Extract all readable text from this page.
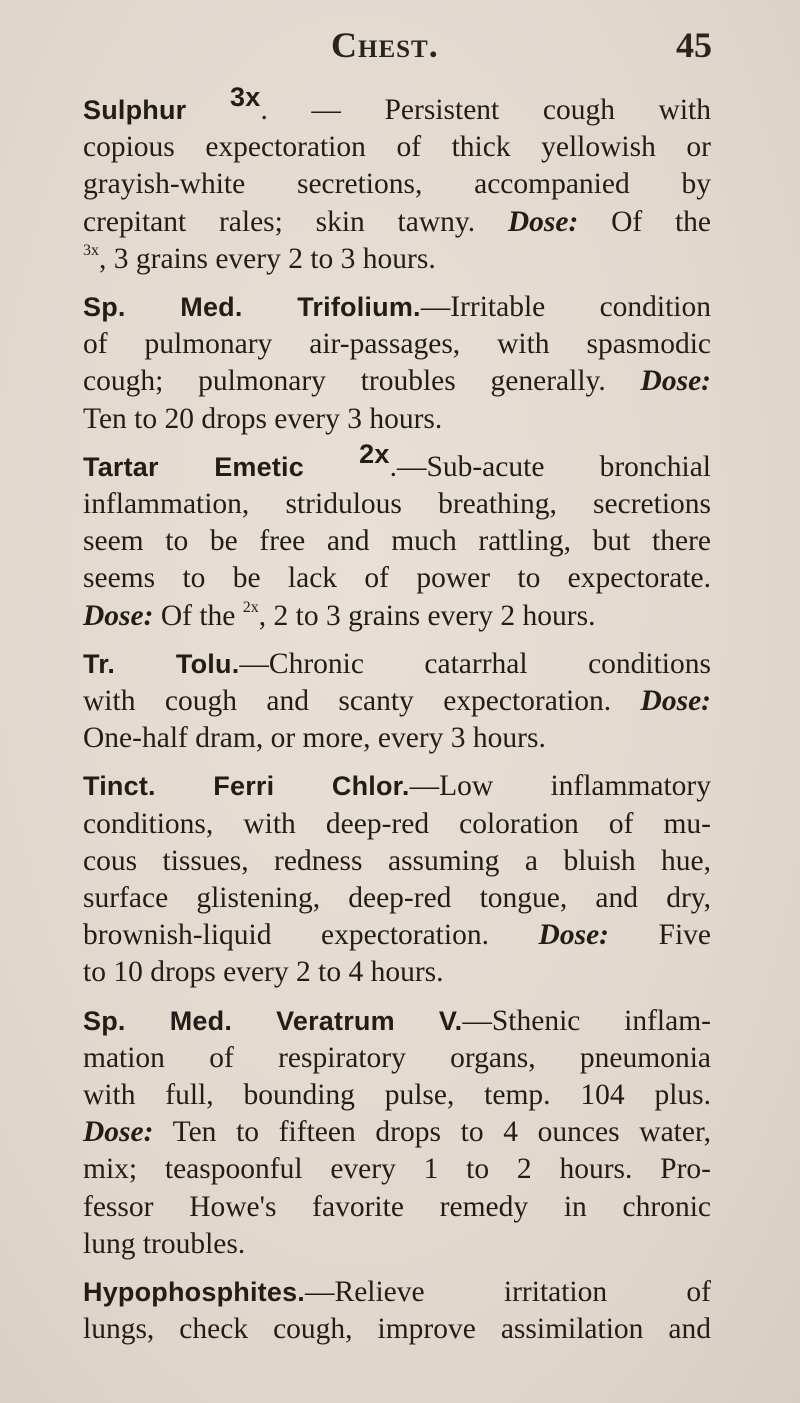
Chest.	45

Sulphur $^{3x}$. — Persistent cough with
copious expectoration of thick yellowish or
grayish-white secretions, accompanied by
crepitant rales; skin tawny. Dose: Of the
$^{3x}$, 3 grains every 2 to 3 hours.

Sp. Med. Trifolium.—Irritable condition
of pulmonary air-passages, with spasmodic
cough; pulmonary troubles generally. Dose:
Ten to 20 drops every 3 hours.

Tartar Emetic $^{2x}$.—Sub-acute bronchial
inflammation, stridulous breathing, secretions
seem to be free and much rattling, but there
seems to be lack of power to expectorate.
Dose: Of the $^{2x}$, 2 to 3 grains every 2 hours.

Tr. Tolu.—Chronic catarrhal conditions
with cough and scanty expectoration. Dose:
One-half dram, or more, every 3 hours.

Tinct. Ferri Chlor.—Low inflammatory
conditions, with deep-red coloration of mu-
cous tissues, redness assuming a bluish hue,
surface glistening, deep-red tongue, and dry,
brownish-liquid expectoration. Dose: Five
to 10 drops every 2 to 4 hours.

Sp. Med. Veratrum V.—Sthenic inflam-
mation of respiratory organs, pneumonia
with full, bounding pulse, temp. 104 plus.
Dose: Ten to fifteen drops to 4 ounces water,
mix; teaspoonful every 1 to 2 hours. Pro-
fessor Howe's favorite remedy in chronic
lung troubles.

Hypophosphites.—Relieve irritation of
lungs, check cough, improve assimilation and
